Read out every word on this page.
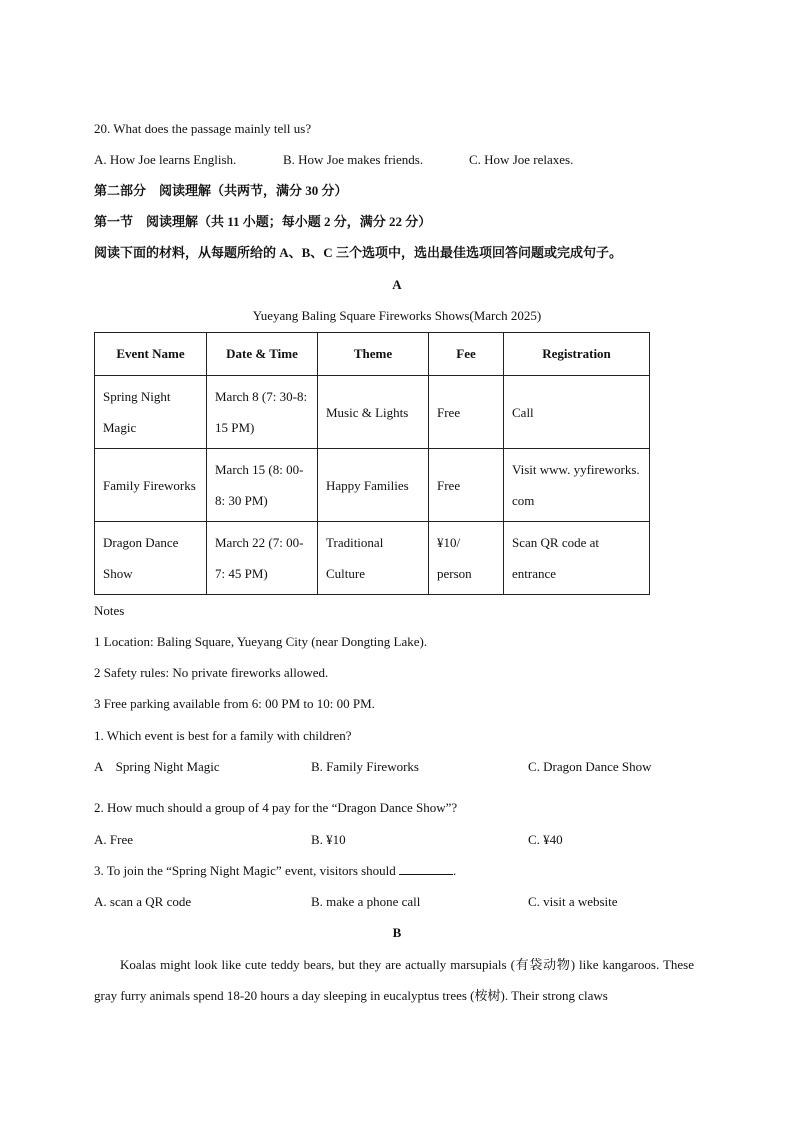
20. What does the passage mainly tell us?
A. How Joe learns English.	B. How Joe makes friends.	C. How Joe relaxes.
第二部分　阅读理解（共两节，满分 30 分）
第一节　阅读理解（共 11 小题；每小题 2 分，满分 22 分）
阅读下面的材料，从每题所给的 A、B、C 三个选项中，选出最佳选项回答问题或完成句子。
A
Yueyang Baling Square Fireworks Shows(March 2025)
Event Name	Date & Time	Theme	Fee	Registration
Spring Night Magic	March 8 (7: 30-8: 15 PM)	Music & Lights	Free	Call
Family Fireworks	March 15 (8: 00-8: 30 PM)	Happy Families	Free	Visit www. yyfireworks. com
Dragon Dance Show	March 22 (7: 00-7: 45 PM)	Traditional Culture	¥10/ person	Scan QR code at entrance
Notes
1 Location: Baling Square, Yueyang City (near Dongting Lake).
2 Safety rules: No private fireworks allowed.
3 Free parking available from 6: 00 PM to 10: 00 PM.
1. Which event is best for a family with children?
A　Spring Night Magic	B. Family Fireworks	C. Dragon Dance Show
2. How much should a group of 4 pay for the “Dragon Dance Show”?
A. Free	B. ¥10	C. ¥40
3. To join the “Spring Night Magic” event, visitors should	.
A. scan a QR code	B. make a phone call	C. visit a website
B
Koalas might look like cute teddy bears, but they are actually marsupials (有袋动物) like kangaroos. These gray furry animals spend 18-20 hours a day sleeping in eucalyptus trees (桉树). Their strong claws
